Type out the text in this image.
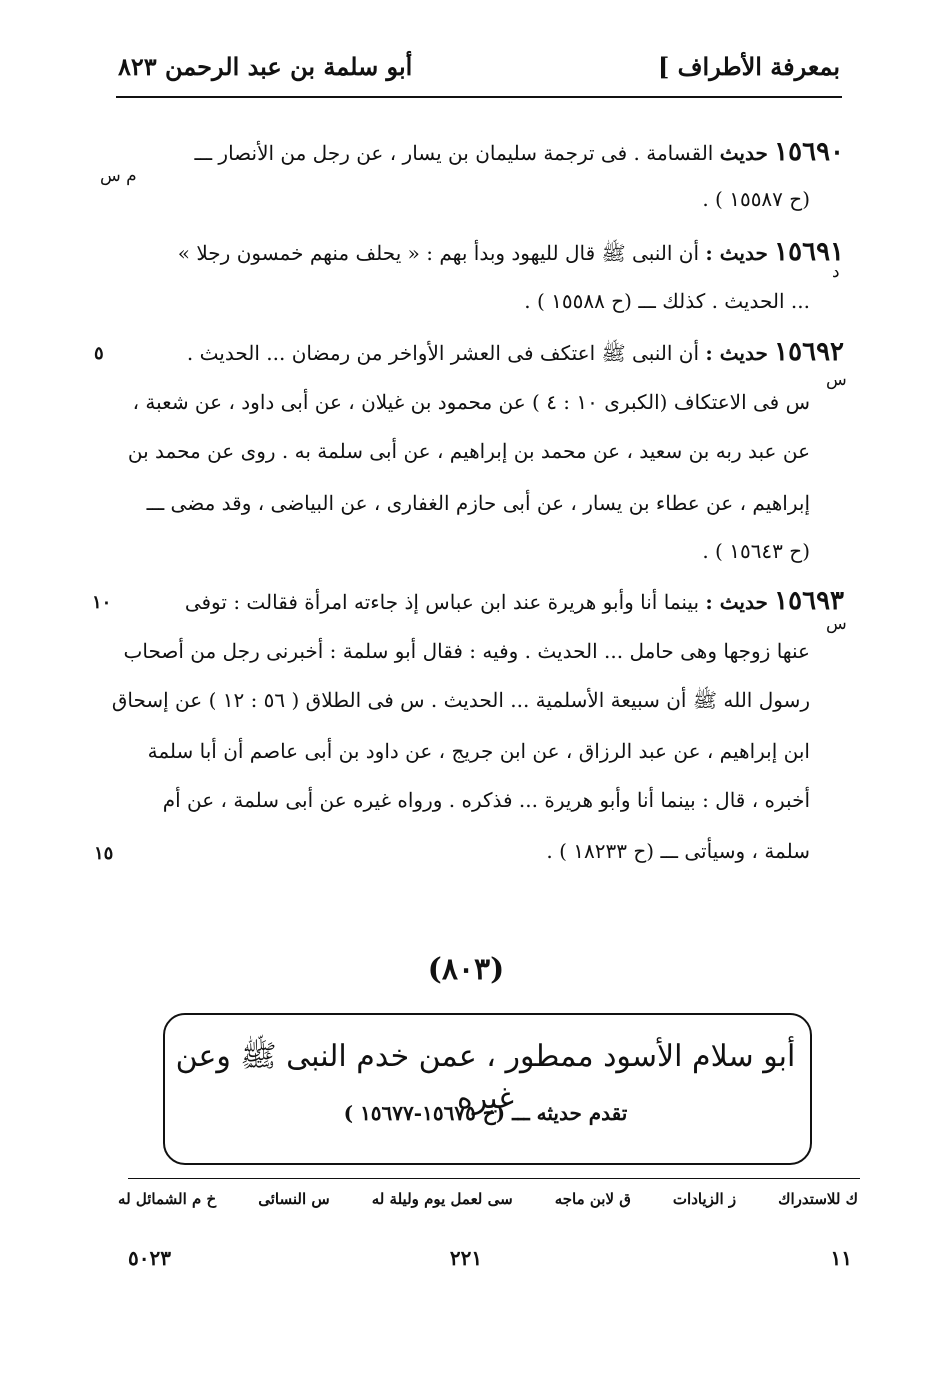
بمعرفة الأطراف ]
أبو سلمة بن عبد الرحمن ٨٢٣
١٥٦٩٠ حديث القسامة . فى ترجمة سليمان بن يسار ، عن رجل من الأنصار ـــ
م س
(ح ١٥٥٨٧ ) .
١٥٦٩١ حديث : أن النبى ﷺ قال لليهود وبدأ بهم : « يحلف منهم خمسون رجلا »
د
... الحديث . كذلك ـــ (ح ١٥٥٨٨ ) .
١٥٦٩٢ حديث : أن النبى ﷺ اعتكف فى العشر الأواخر من رمضان ... الحديث .
٥
س
س فى الاعتكاف (الكبرى ١٠ : ٤ ) عن محمود بن غيلان ، عن أبى داود ، عن شعبة ،
عن عبد ربه بن سعيد ، عن محمد بن إبراهيم ، عن أبى سلمة به . روى عن محمد بن
إبراهيم ، عن عطاء بن يسار ، عن أبى حازم الغفارى ، عن البياضى ، وقد مضى ـــ
(ح ١٥٦٤٣ ) .
١٥٦٩٣ حديث : بينما أنا وأبو هريرة عند ابن عباس إذ جاءته امرأة فقالت : توفى
١٠
س
عنها زوجها وهى حامل ... الحديث . وفيه : فقال أبو سلمة : أخبرنى رجل من أصحاب
رسول الله ﷺ أن سبيعة الأسلمية ... الحديث . س فى الطلاق ( ٥٦ : ١٢ ) عن إسحاق
ابن إبراهيم ، عن عبد الرزاق ، عن ابن جريج ، عن داود بن أبى عاصم أن أبا سلمة
أخبره ، قال : بينما أنا وأبو هريرة ... فذكره . ورواه غيره عن أبى سلمة ، عن أم
سلمة ، وسيأتى ـــ (ح ١٨٢٣٣ ) .
١٥
(٨٠٣)
أبو سلام الأسود ممطور ، عمن خدم النبى ﷺ وعن غيره
تقدم حديثه ـــ (ح ١٥٦٧٥-١٥٦٧٧ )
خ م الشمائل له	س النسائى	سى لعمل يوم وليلة له	ق لابن ماجه	ز الزيادات	ك للاستدراك
١١
٢٢١
٥٠٢٣
